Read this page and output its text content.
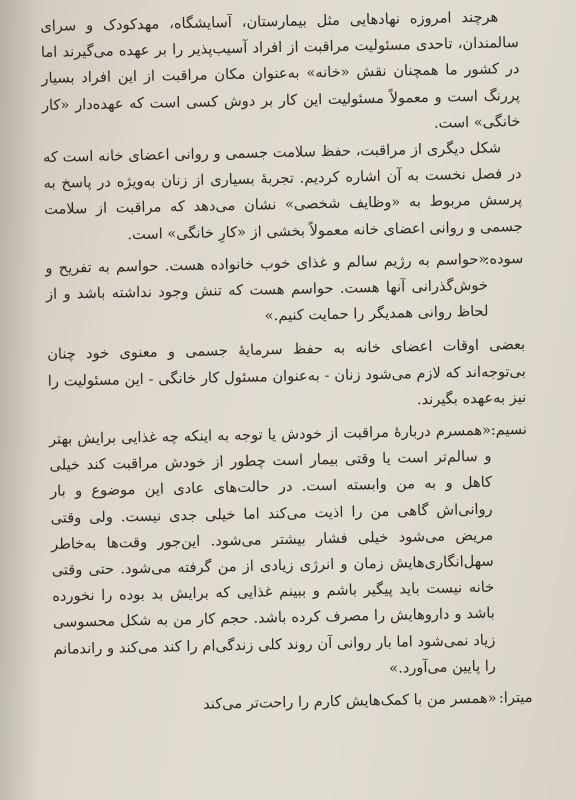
هرچند امروزه نهادهایی مثل بیمارستان، آسایشگاه، مهدکودک و سرای سالمندان، تاحدی مسئولیت مراقبت از افراد آسیب‌پذیر را بر عهده می‌گیرند اما در کشور ما همچنان نقش «خانه» به‌عنوان مکان مراقبت از این افراد بسیار پررنگ است و معمولاً مسئولیت این کار بر دوش کسی است که عهده‌دار «کار خانگی» است.

شکل دیگری از مراقبت، حفظ سلامت جسمی و روانی اعضای خانه است که در فصل نخست به آن اشاره کردیم. تجربهٔ بسیاری از زنان به‌ویژه در پاسخ به پرسش مربوط به «وظایف شخصی» نشان می‌دهد که مراقبت از سلامت جسمی و روانی اعضای خانه معمولاً بخشی از «کارِ خانگی» است.

سوده:
«حواسم به رژیم سالم و غذای خوب خانواده هست. حواسم به تفریح و خوش‌گذرانی آنها هست. حواسم هست که تنش وجود نداشته باشد و از لحاظ روانی همدیگر را حمایت کنیم.»

بعضی اوقات اعضای خانه به حفظ سرمایهٔ جسمی و معنوی خود چنان بی‌توجه‌اند که لازم می‌شود زنان - به‌عنوان مسئول کار خانگی - این مسئولیت را نیز به‌عهده بگیرند.

نسیم:
«همسرم دربارهٔ مراقبت از خودش یا توجه به اینکه چه غذایی برایش بهتر و سالم‌تر است یا وقتی بیمار است چطور از خودش مراقبت کند خیلی کاهل و به من وابسته است. در حالت‌های عادی این موضوع و بار روانی‌اش گاهی من را اذیت می‌کند اما خیلی جدی نیست. ولی وقتی مریض می‌شود خیلی فشار بیشتر می‌شود. این‌جور وقت‌ها به‌خاطر سهل‌انگاری‌هایش زمان و انرژی زیادی از من گرفته می‌شود. حتی وقتی خانه نیست باید پیگیر باشم و ببینم غذایی که برایش بد بوده را نخورده باشد و داروهایش را مصرف کرده باشد. حجم کار من به شکل محسوسی زیاد نمی‌شود اما بار روانی آن روند کلی زندگی‌ام را کند می‌کند و راندمانم را پایین می‌آورد.»

میترا:
«همسر من با کمک‌هایش کارم را راحت‌تر می‌کند
